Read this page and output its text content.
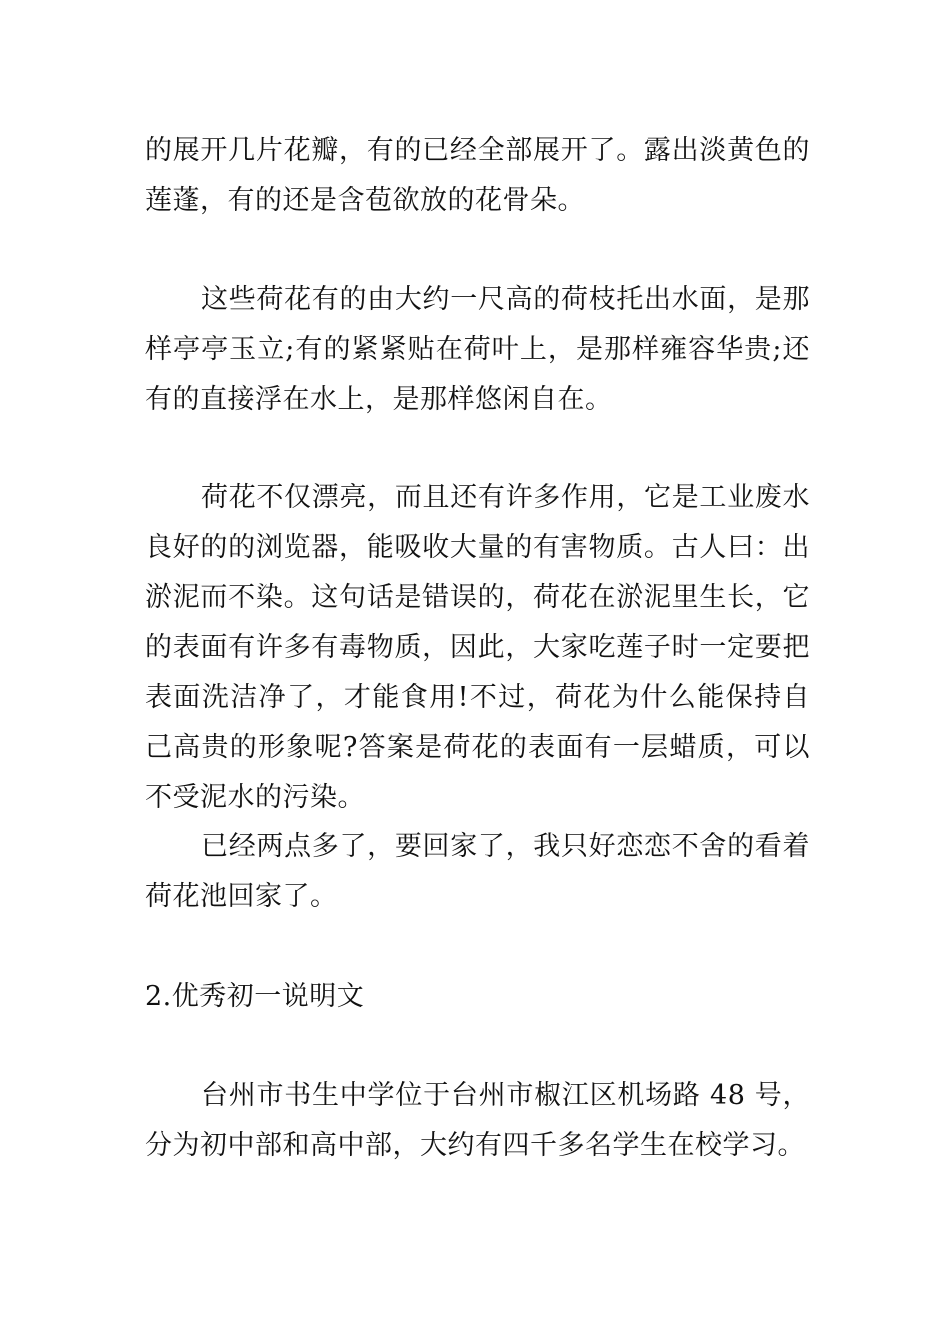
的展开几片花瓣，有的已经全部展开了。露出淡黄色的莲蓬，有的还是含苞欲放的花骨朵。

这些荷花有的由大约一尺高的荷枝托出水面，是那样亭亭玉立;有的紧紧贴在荷叶上，是那样雍容华贵;还有的直接浮在水上，是那样悠闲自在。

荷花不仅漂亮，而且还有许多作用，它是工业废水良好的的浏览器，能吸收大量的有害物质。古人曰：出淤泥而不染。这句话是错误的，荷花在淤泥里生长，它的表面有许多有毒物质，因此，大家吃莲子时一定要把表面洗洁净了，才能食用!不过，荷花为什么能保持自己高贵的形象呢?答案是荷花的表面有一层蜡质，可以不受泥水的污染。

已经两点多了，要回家了，我只好恋恋不舍的看着荷花池回家了。

2.优秀初一说明文

台州市书生中学位于台州市椒江区机场路 48 号，分为初中部和高中部，大约有四千多名学生在校学习。
